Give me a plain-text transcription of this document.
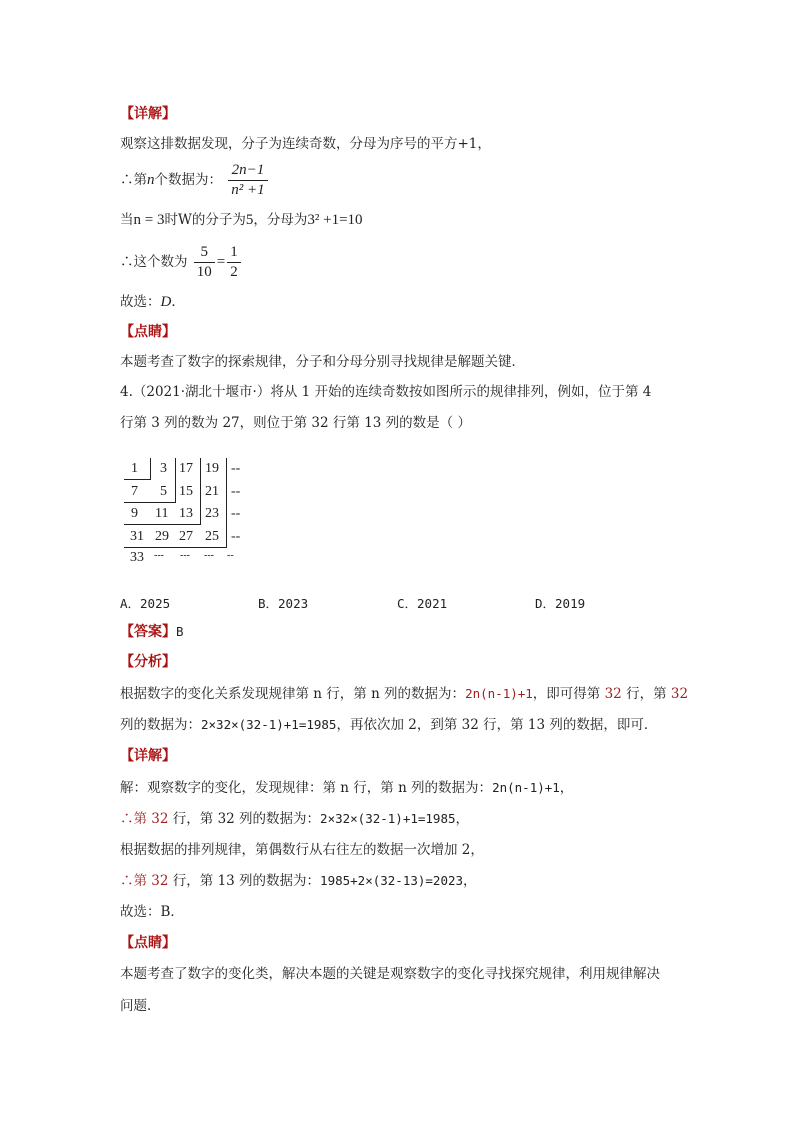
【详解】
观察这排数据发现，分子为连续奇数，分母为序号的平方+1，
∴第n个数据为： $\frac{2n-1}{\text{n² +1}}$
当n = 3时W的分子为5，分母为3² +1=10
∴这个数为 $\frac{5}{10} = \frac{1}{2}$
故选：D．
【点睛】
本题考查了数字的探索规律，分子和分母分别寻找规律是解题关键．
4.（2021·湖北十堰市·）将从 1 开始的连续奇数按如图所示的规律排列，例如，位于第 4
行第 3 列的数为 27，则位于第 32 行第 13 列的数是（ ）
1 3 17 19 --
7 5 15 21 --
9 11 13 23 --
31 29 27 25 --
33 --- --- --- --
A．2025	B．2023	C．2021	D．2019
【答案】B
【分析】
根据数字的变化关系发现规律第 n 行，第 n 列的数据为：2n(n-1)+1，即可得第 32 行，第 32
列的数据为：2×32×(32-1)+1=1985，再依次加 2，到第 32 行，第 13 列的数据，即可．
【详解】
解：观察数字的变化，发现规律：第 n 行，第 n 列的数据为：2n(n-1)+1，
∴第 32 行，第 32 列的数据为：2×32×(32-1)+1=1985，
根据数据的排列规律，第偶数行从右往左的数据一次增加 2，
∴第 32 行，第 13 列的数据为：1985+2×(32-13)=2023，
故选：B．
【点睛】
本题考查了数字的变化类，解决本题的关键是观察数字的变化寻找探究规律，利用规律解决
问题．
